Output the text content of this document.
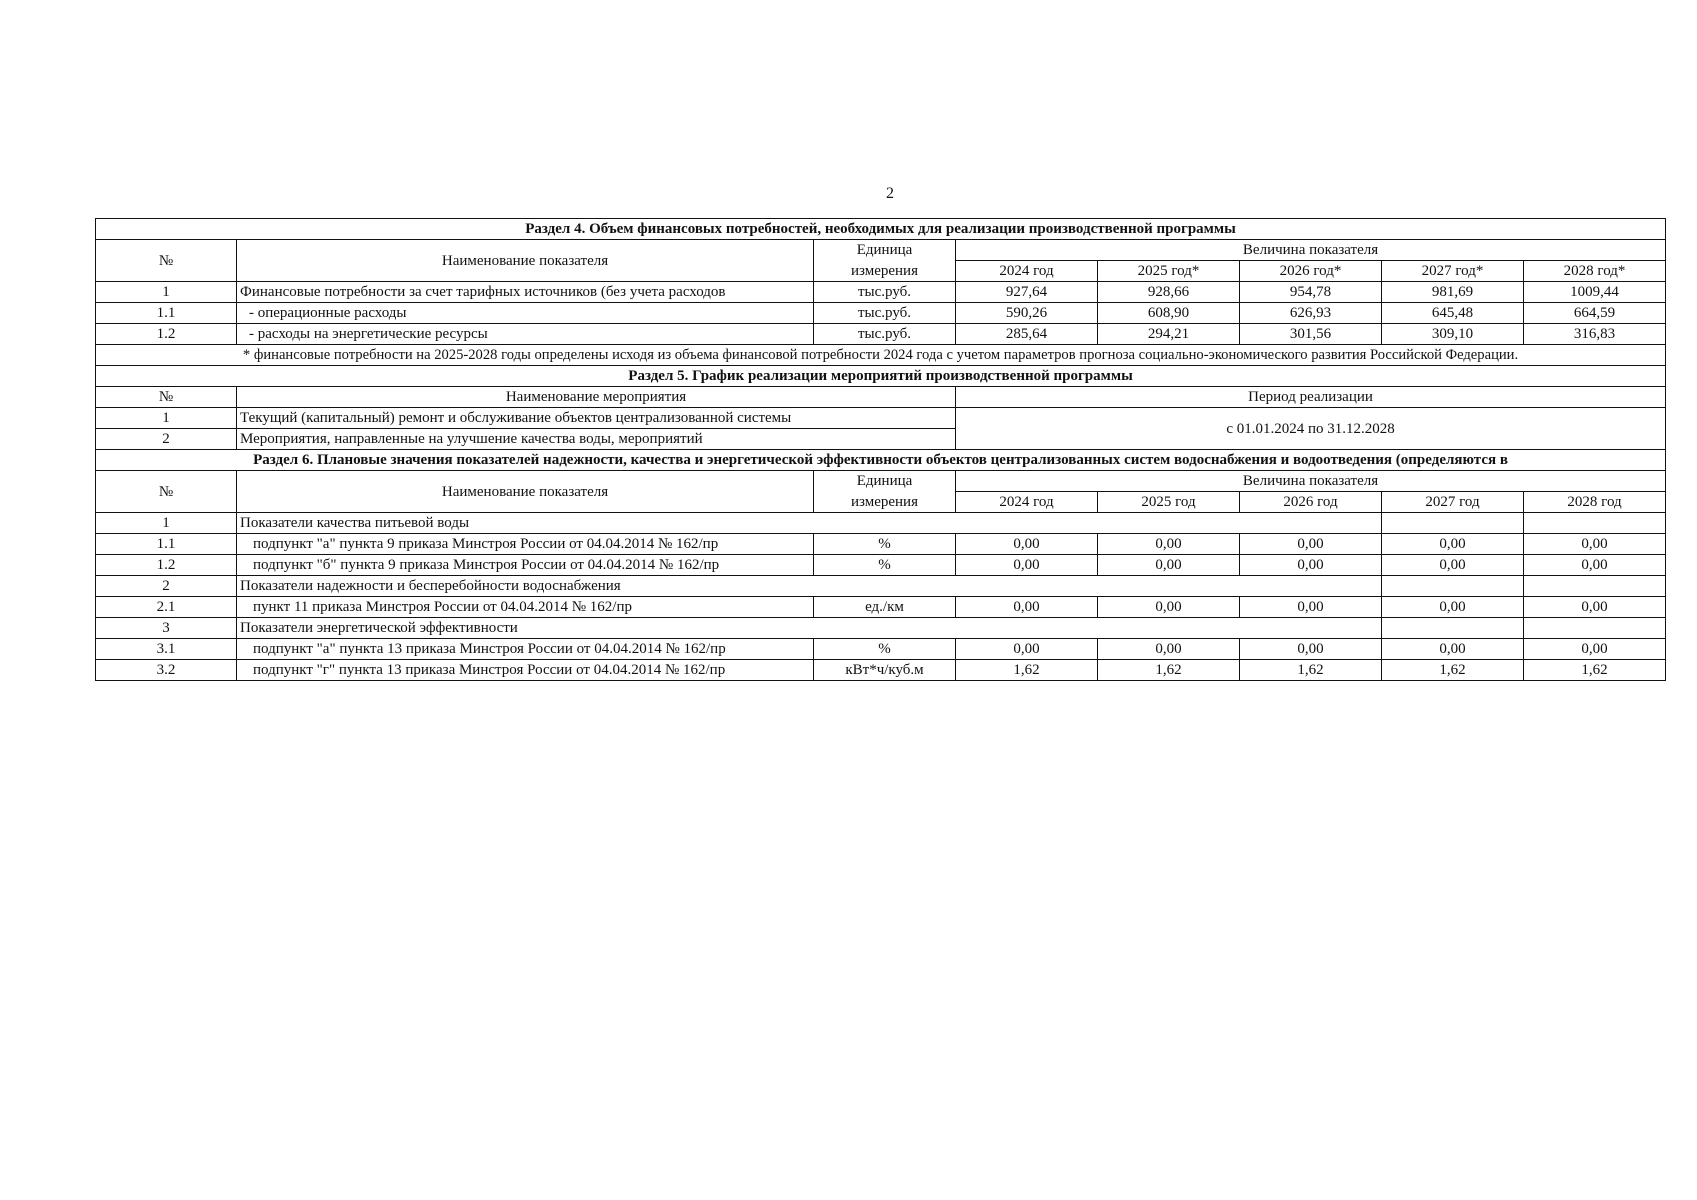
2
Раздел 4. Объем финансовых потребностей, необходимых для реализации производственной программы							
№	Наименование показателя	Единица	Величина показателя				
		измерения	2024 год	2025 год*	2026 год*	2027 год*	2028 год*
1	Финансовые потребности за счет тарифных источников (без учета расходов	тыс.руб.	927,64	928,66	954,78	981,69	1009,44
1.1	- операционные расходы	тыс.руб.	590,26	608,90	626,93	645,48	664,59
1.2	- расходы на энергетические ресурсы	тыс.руб.	285,64	294,21	301,56	309,10	316,83
* финансовые потребности на 2025-2028 годы определены исходя из объема финансовой потребности 2024 года с учетом параметров прогноза социально-экономического развития Российской Федерации.							
Раздел 5. График реализации мероприятий производственной программы							
№	Наименование мероприятия		Период реализации				
1	Текущий (капитальный) ремонт и обслуживание объектов централизованной системы		с 01.01.2024 по 31.12.2028				
2	Мероприятия, направленные на улучшение качества воды, мероприятий						
Раздел 6. Плановые значения показателей надежности, качества и энергетической эффективности объектов централизованных систем водоснабжения и водоотведения (определяются в							
№	Наименование показателя	Единица	Величина показателя				
		измерения	2024 год	2025 год	2026 год	2027 год	2028 год
1	Показатели качества питьевой воды						
1.1	подпункт "а" пункта 9 приказа Минстроя России от 04.04.2014 № 162/пр	%	0,00	0,00	0,00	0,00	0,00
1.2	подпункт "б" пункта 9 приказа Минстроя России от 04.04.2014 № 162/пр	%	0,00	0,00	0,00	0,00	0,00
2	Показатели надежности и бесперебойности водоснабжения						
2.1	пункт 11 приказа Минстроя России от 04.04.2014 № 162/пр	ед./км	0,00	0,00	0,00	0,00	0,00
3	Показатели энергетической эффективности						
3.1	подпункт "а" пункта 13 приказа Минстроя России от 04.04.2014 № 162/пр	%	0,00	0,00	0,00	0,00	0,00
3.2	подпункт "г" пункта 13 приказа Минстроя России от 04.04.2014 № 162/пр	кВт*ч/куб.м	1,62	1,62	1,62	1,62	1,62
